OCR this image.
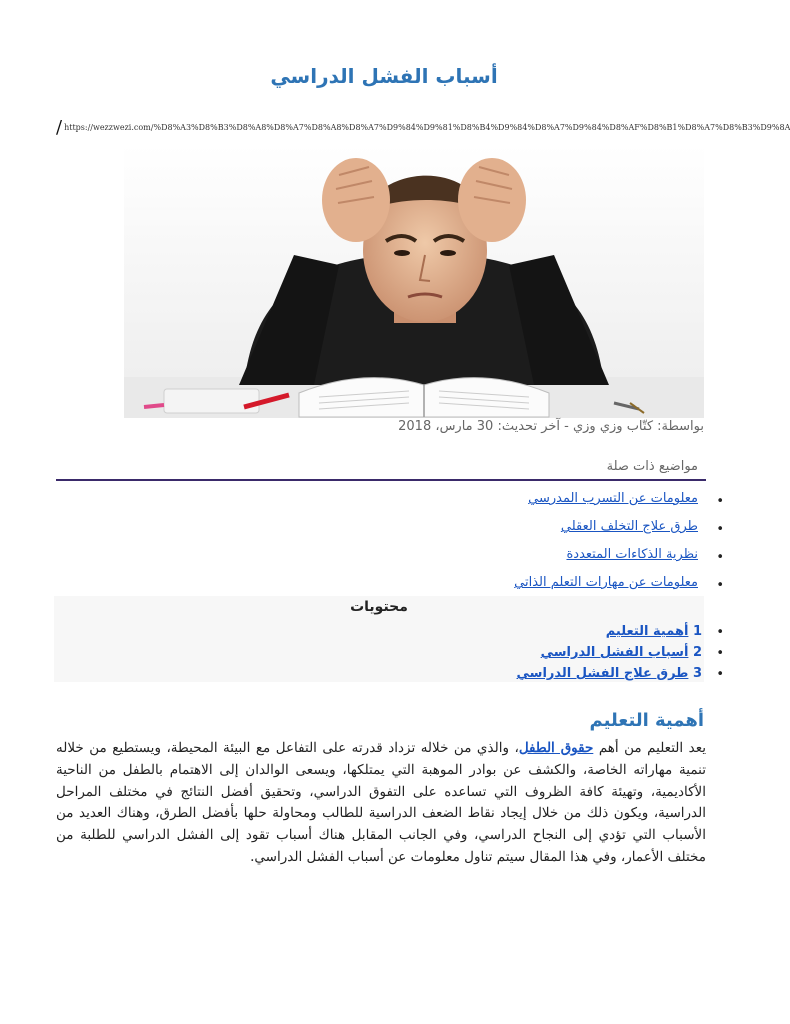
أسباب الفشل الدراسي
/ https://wezzwezi.com/%D8%A3%D8%B3%D8%A8%D8%A7%D8%A8%D8%A7%D9%84%D9%81%D8%B4%D9%84%D8%A7%D9%84%D8%AF%D8%B1%D8%A7%D8%B3%D9%8A
بواسطة: كتّاب وزي وزي - آخر تحديث: 30 مارس، 2018
مواضيع ذات صلة
• معلومات عن التسرب المدرسي
• طرق علاج التخلف العقلي
• نظرية الذكاءات المتعددة
• معلومات عن مهارات التعلم الذاتي
محتويات
• 1 أهمية التعليم
• 2 أسباب الفشل الدراسي
• 3 طرق علاج الفشل الدراسي
أهمية التعليم

يعد التعليم من أهم حقوق الطفل، والذي من خلاله تزداد قدرته على التفاعل مع البيئة المحيطة، ويستطيع من خلاله تنمية مهاراته الخاصة، والكشف عن بوادر الموهبة التي يمتلكها، ويسعى الوالدان إلى الاهتمام بالطفل من الناحية الأكاديمية، وتهيئة كافة الظروف التي تساعده على التفوق الدراسي، وتحقيق أفضل النتائج في مختلف المراحل الدراسية، ويكون ذلك من خلال إيجاد نقاط الضعف الدراسية للطالب ومحاولة حلها بأفضل الطرق، وهناك العديد من الأسباب التي تؤدي إلى النجاح الدراسي، وفي الجانب المقابل هناك أسباب تقود إلى الفشل الدراسي للطلبة من مختلف الأعمار، وفي هذا المقال سيتم تناول معلومات عن أسباب الفشل الدراسي.
